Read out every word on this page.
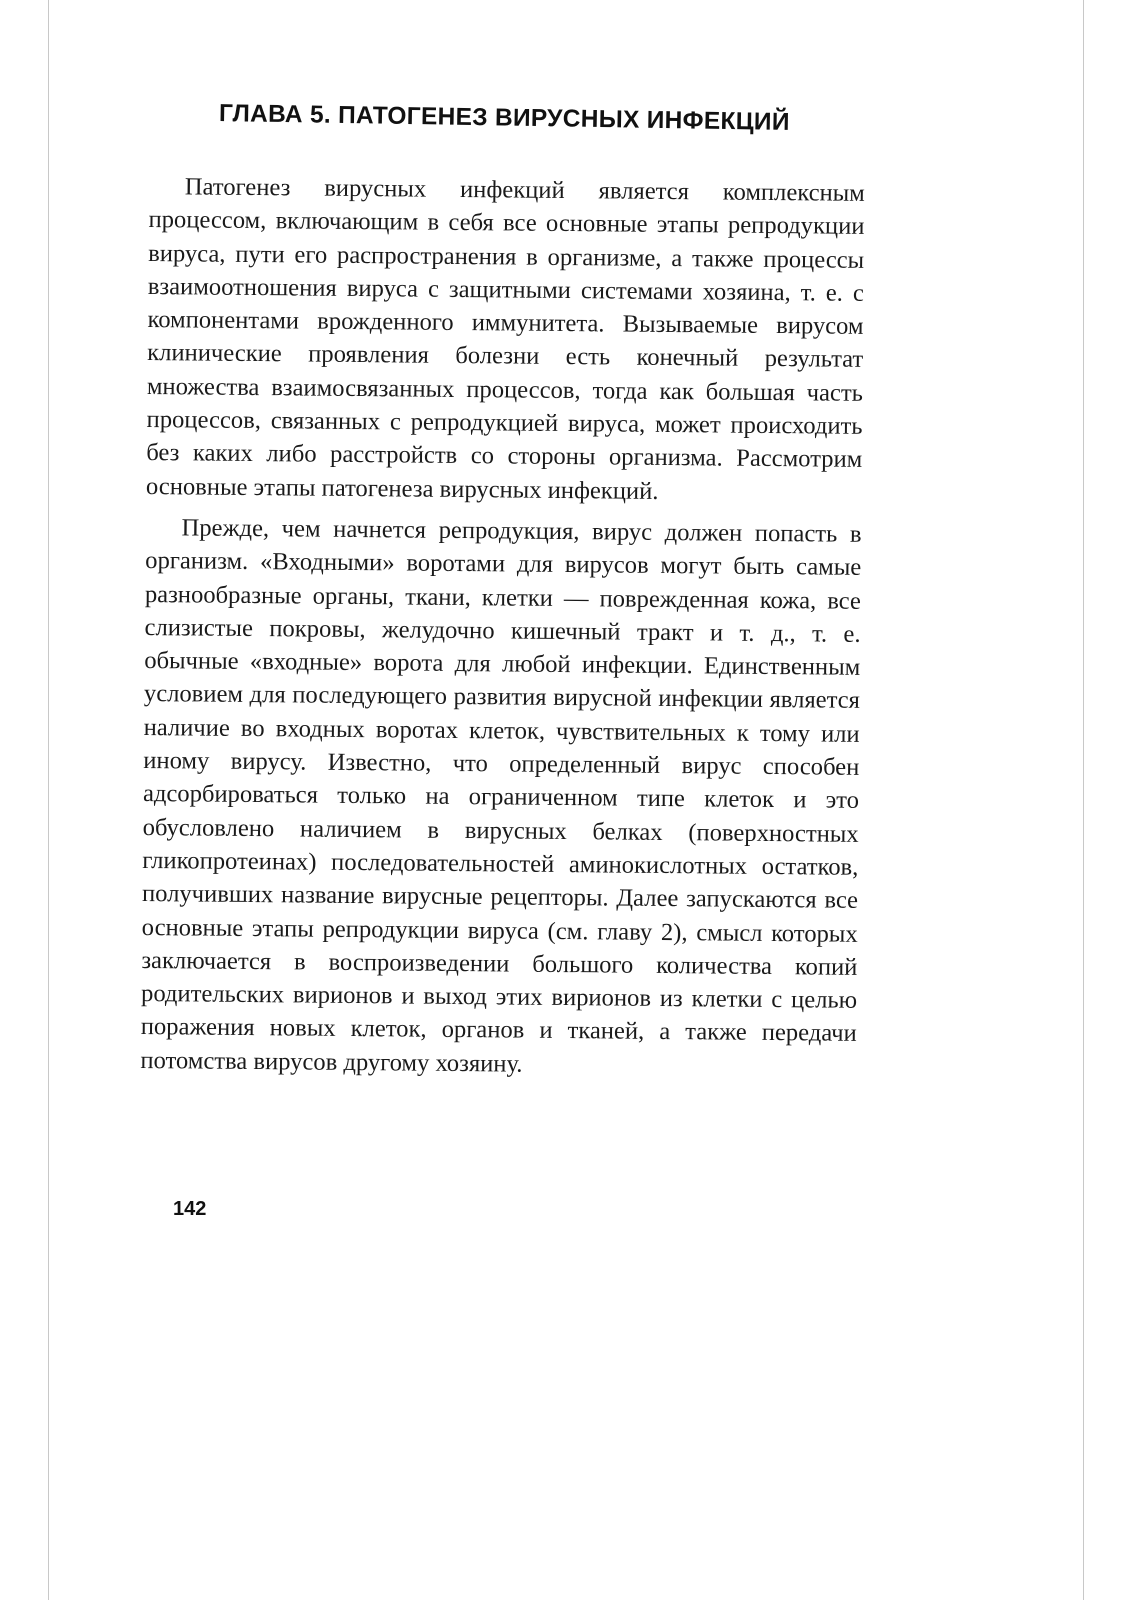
ГЛАВА 5. ПАТОГЕНЕЗ ВИРУСНЫХ ИНФЕКЦИЙ

Патогенез вирусных инфекций является комплексным процессом, включающим в себя все основные этапы репродукции вируса, пути его распространения в организме, а также процессы взаимоотношения вируса с защитными системами хозяина, т. е. с компонентами врожденного иммунитета. Вызываемые вирусом клинические проявления болезни есть конечный результат множества взаимосвязанных процессов, тогда как большая часть процессов, связанных с репродукцией вируса, может происходить без каких либо расстройств со стороны организма. Рассмотрим основные этапы патогенеза вирусных инфекций.

Прежде, чем начнется репродукция, вирус должен попасть в организм. «Входными» воротами для вирусов могут быть самые разнообразные органы, ткани, клетки — поврежденная кожа, все слизистые покровы, желудочно кишечный тракт и т. д., т. е. обычные «входные» ворота для любой инфекции. Единственным условием для последующего развития вирусной инфекции является наличие во входных воротах клеток, чувствительных к тому или иному вирусу. Известно, что определенный вирус способен адсорбироваться только на ограниченном типе клеток и это обусловлено наличием в вирусных белках (поверхностных гликопротеинах) последовательностей аминокислотных остатков, получивших название вирусные рецепторы. Далее запускаются все основные этапы репродукции вируса (см. главу 2), смысл которых заключается в воспроизведении большого количества копий родительских вирионов и выход этих вирионов из клетки с целью поражения новых клеток, органов и тканей, а также передачи потомства вирусов другому хозяину.

142
